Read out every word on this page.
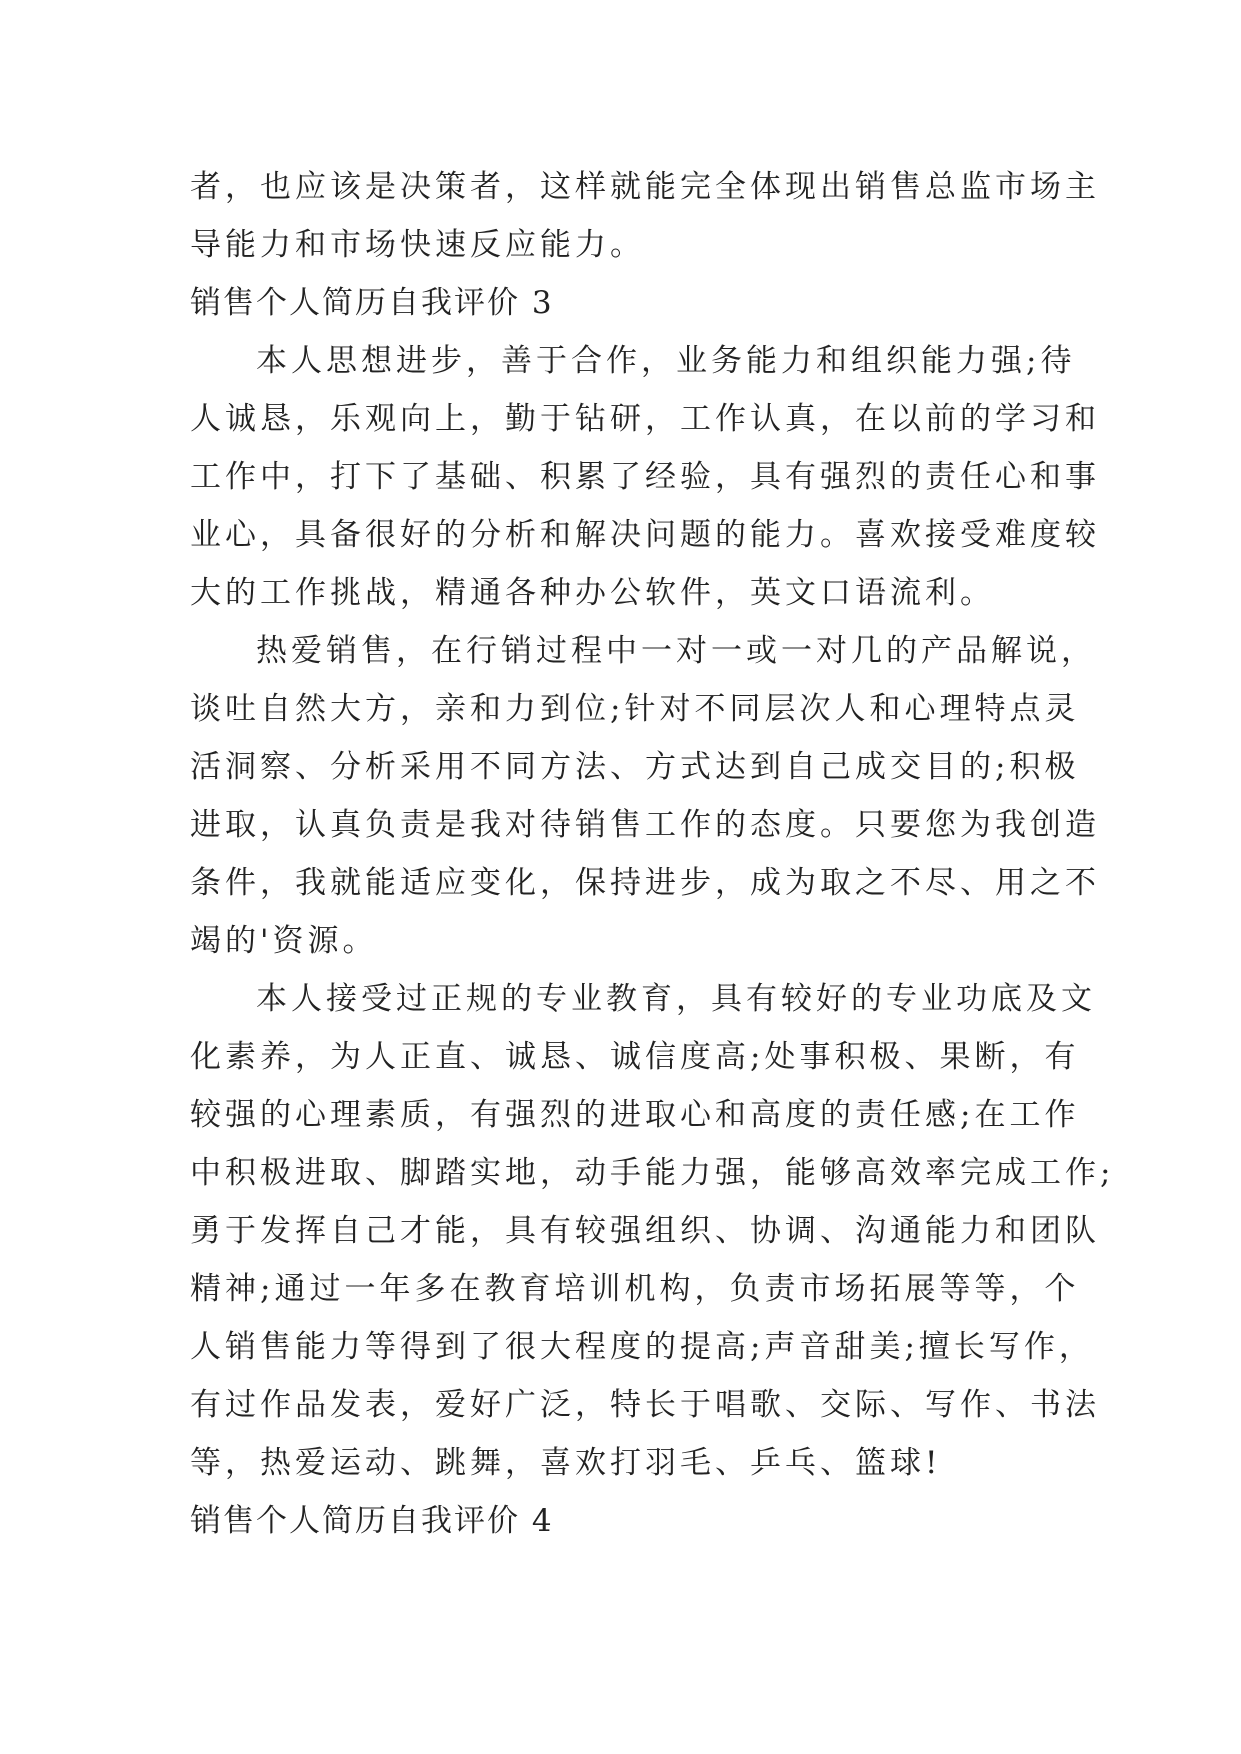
者，也应该是决策者，这样就能完全体现出销售总监市场主
导能力和市场快速反应能力。
销售个人简历自我评价 3
本人思想进步，善于合作，业务能力和组织能力强;待
人诚恳，乐观向上，勤于钻研，工作认真，在以前的学习和
工作中，打下了基础、积累了经验，具有强烈的责任心和事
业心，具备很好的分析和解决问题的能力。喜欢接受难度较
大的工作挑战，精通各种办公软件，英文口语流利。
热爱销售，在行销过程中一对一或一对几的产品解说，
谈吐自然大方，亲和力到位;针对不同层次人和心理特点灵
活洞察、分析采用不同方法、方式达到自己成交目的;积极
进取，认真负责是我对待销售工作的态度。只要您为我创造
条件，我就能适应变化，保持进步，成为取之不尽、用之不
竭的'资源。
本人接受过正规的专业教育，具有较好的专业功底及文
化素养，为人正直、诚恳、诚信度高;处事积极、果断，有
较强的心理素质，有强烈的进取心和高度的责任感;在工作
中积极进取、脚踏实地，动手能力强，能够高效率完成工作;
勇于发挥自己才能，具有较强组织、协调、沟通能力和团队
精神;通过一年多在教育培训机构，负责市场拓展等等，个
人销售能力等得到了很大程度的提高;声音甜美;擅长写作，
有过作品发表，爱好广泛，特长于唱歌、交际、写作、书法
等，热爱运动、跳舞，喜欢打羽毛、乒乓、篮球!
销售个人简历自我评价 4
